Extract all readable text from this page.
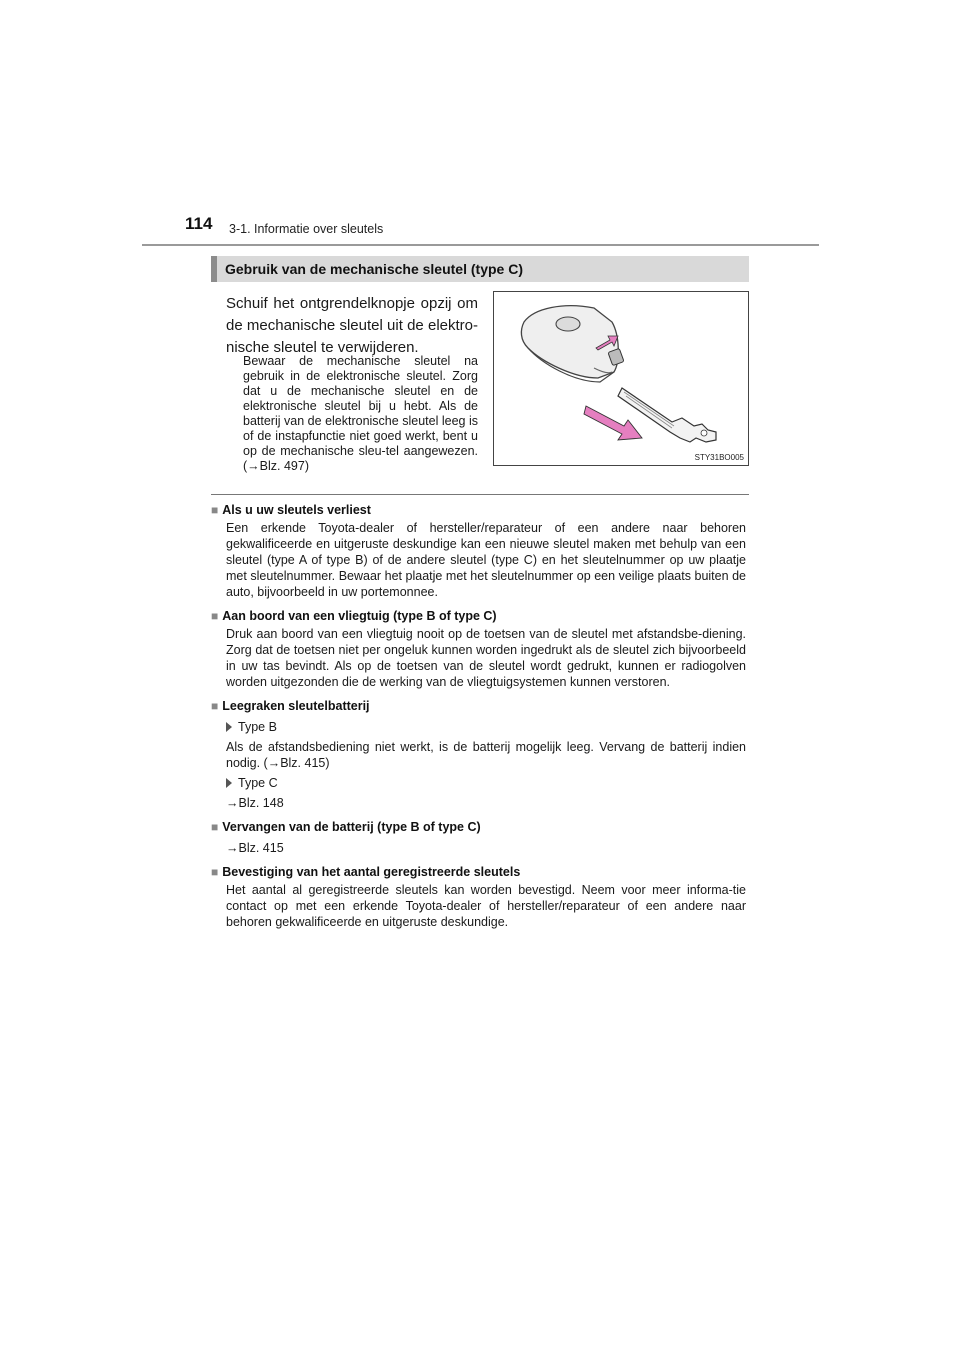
114 3-1. Informatie over sleutels
Gebruik van de mechanische sleutel (type C)
Schuif het ontgrendelknopje opzij om de mechanische sleutel uit de elektro-nische sleutel te verwijderen.
Bewaar de mechanische sleutel na gebruik in de elektronische sleutel. Zorg dat u de mechanische sleutel en de elektronische sleutel bij u hebt. Als de batterij van de elektronische sleutel leeg is of de instapfunctie niet goed werkt, bent u op de mechanische sleu-tel aangewezen. (→Blz. 497)
STY31BO005
■ Als u uw sleutels verliest
Een erkende Toyota-dealer of hersteller/reparateur of een andere naar behoren gekwalificeerde en uitgeruste deskundige kan een nieuwe sleutel maken met behulp van een sleutel (type A of type B) of de andere sleutel (type C) en het sleutelnummer op uw plaatje met sleutelnummer. Bewaar het plaatje met het sleutelnummer op een veilige plaats buiten de auto, bijvoorbeeld in uw portemonnee.
■ Aan boord van een vliegtuig (type B of type C)
Druk aan boord van een vliegtuig nooit op de toetsen van de sleutel met afstandsbe-diening. Zorg dat de toetsen niet per ongeluk kunnen worden ingedrukt als de sleutel zich bijvoorbeeld in uw tas bevindt. Als op de toetsen van de sleutel wordt gedrukt, kunnen er radiogolven worden uitgezonden die de werking van de vliegtuigsystemen kunnen verstoren.
■ Leegraken sleutelbatterij
Type B
Als de afstandsbediening niet werkt, is de batterij mogelijk leeg. Vervang de batterij indien nodig. (→Blz. 415)
Type C
→Blz. 148
■ Vervangen van de batterij (type B of type C)
→Blz. 415
■ Bevestiging van het aantal geregistreerde sleutels
Het aantal al geregistreerde sleutels kan worden bevestigd. Neem voor meer informa-tie contact op met een erkende Toyota-dealer of hersteller/reparateur of een andere naar behoren gekwalificeerde en uitgeruste deskundige.
